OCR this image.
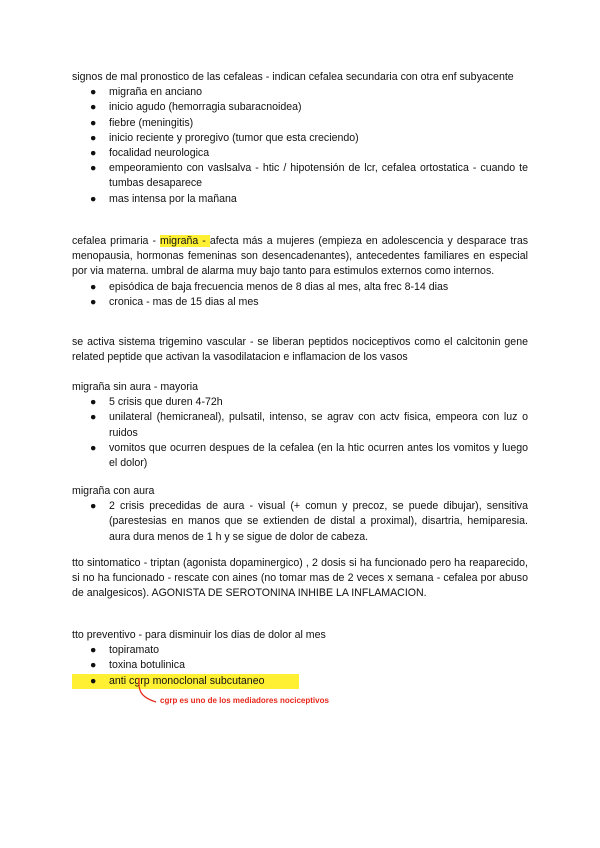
signos de mal pronostico de las cefaleas - indican cefalea secundaria con otra enf subyacente
● migraña en anciano
● inicio agudo (hemorragia subaracnoidea)
● fiebre (meningitis)
● inicio reciente y proregivo (tumor que esta creciendo)
● focalidad neurologica
● empeoramiento con vaslsalva - htic / hipotensión de lcr, cefalea ortostatica - cuando te tumbas desaparece
● mas intensa por la mañana
cefalea primaria - migraña - afecta más a mujeres (empieza en adolescencia y desparace tras menopausia, hormonas femeninas son desencadenantes), antecedentes familiares en especial por via materna. umbral de alarma muy bajo tanto para estimulos externos como internos.
● episódica de baja frecuencia menos de 8 dias al mes, alta frec 8-14 dias
● cronica - mas de 15 dias al mes
se activa sistema trigemino vascular - se liberan peptidos nociceptivos como el calcitonin gene related peptide que activan la vasodilatacion e inflamacion de los vasos
migraña sin aura - mayoria
● 5 crisis que duren 4-72h
● unilateral (hemicraneal), pulsatil, intenso, se agrav con actv fisica, empeora con luz o ruidos
● vomitos que ocurren despues de la cefalea (en la htic ocurren antes los vomitos y luego el dolor)
migraña con aura
● 2 crisis precedidas de aura - visual (+ comun y precoz, se puede dibujar), sensitiva (parestesias en manos que se extienden de distal a proximal), disartria, hemiparesia. aura dura menos de 1 h y se sigue de dolor de cabeza.
tto sintomatico - triptan (agonista dopaminergico) , 2 dosis si ha funcionado pero ha reaparecido, si no ha funcionado - rescate con aines (no tomar mas de 2 veces x semana - cefalea por abuso de analgesicos). AGONISTA DE SEROTONINA INHIBE LA INFLAMACION.
tto preventivo - para disminuir los dias de dolor al mes
● topiramato
● toxina botulinica
● anti cgrp monoclonal subcutaneo
cgrp es uno de los mediadores nociceptivos
